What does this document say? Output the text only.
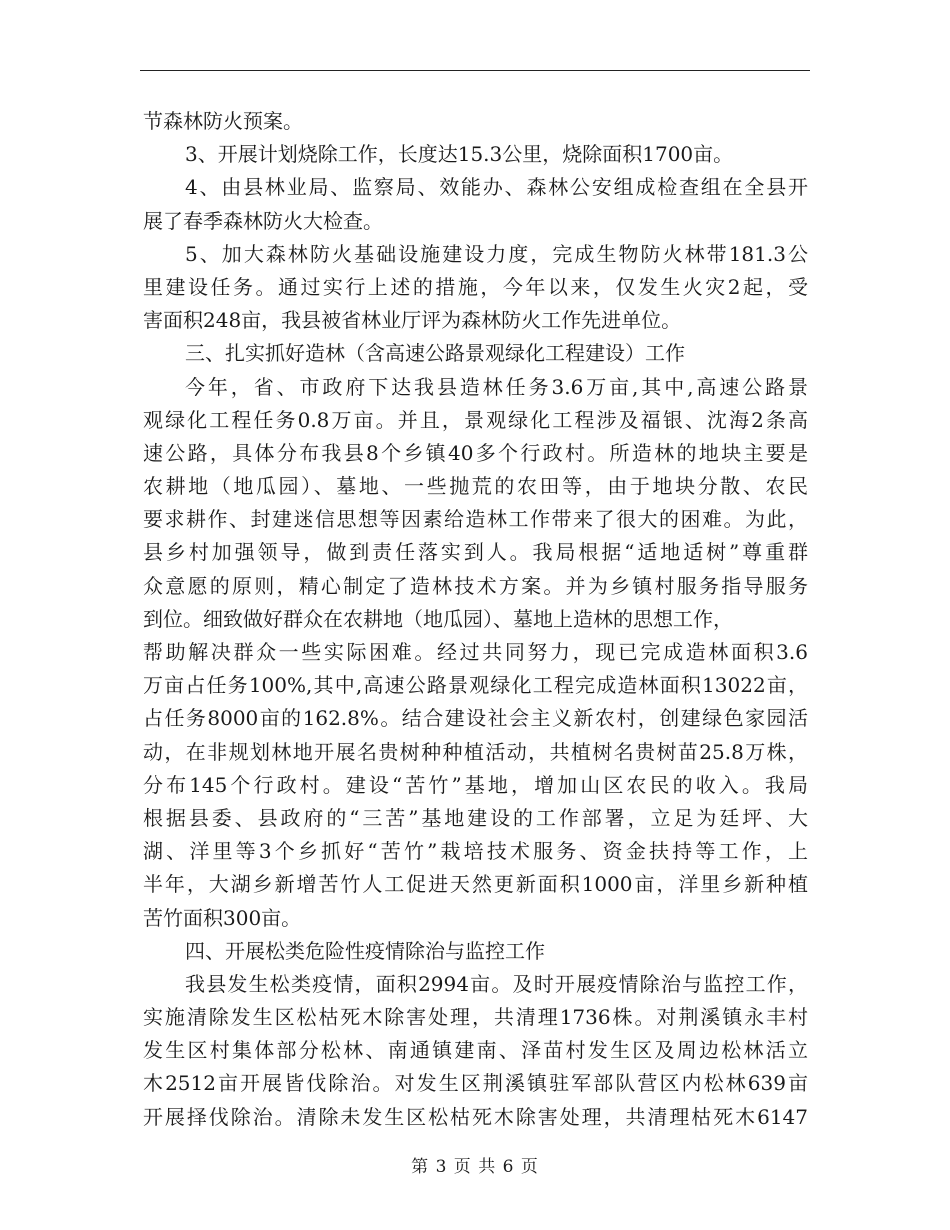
节森林防火预案。
3、开展计划烧除工作，长度达15.3公里，烧除面积1700亩。
4、由县林业局、监察局、效能办、森林公安组成检查组在全县开
展了春季森林防火大检查。
5、加大森林防火基础设施建设力度，完成生物防火林带181.3公
里建设任务。通过实行上述的措施，今年以来，仅发生火灾2起，受
害面积248亩，我县被省林业厅评为森林防火工作先进单位。
三、扎实抓好造林（含高速公路景观绿化工程建设）工作
今年，省、市政府下达我县造林任务3.6万亩,其中,高速公路景
观绿化工程任务0.8万亩。并且，景观绿化工程涉及福银、沈海2条高
速公路，具体分布我县8个乡镇40多个行政村。所造林的地块主要是
农耕地（地瓜园）、墓地、一些抛荒的农田等，由于地块分散、农民
要求耕作、封建迷信思想等因素给造林工作带来了很大的困难。为此，
县乡村加强领导，做到责任落实到人。我局根据“适地适树”尊重群
众意愿的原则，精心制定了造林技术方案。并为乡镇村服务指导服务
到位。细致做好群众在农耕地（地瓜园）、墓地上造林的思想工作，
帮助解决群众一些实际困难。经过共同努力，现已完成造林面积3.6
万亩占任务100%,其中,高速公路景观绿化工程完成造林面积13022亩，
占任务8000亩的162.8%。结合建设社会主义新农村，创建绿色家园活
动，在非规划林地开展名贵树种种植活动，共植树名贵树苗25.8万株，
分布145个行政村。建设“苦竹”基地，增加山区农民的收入。我局
根据县委、县政府的“三苦”基地建设的工作部署，立足为廷坪、大
湖、洋里等3个乡抓好“苦竹”栽培技术服务、资金扶持等工作，上
半年，大湖乡新增苦竹人工促进天然更新面积1000亩，洋里乡新种植
苦竹面积300亩。
四、开展松类危险性疫情除治与监控工作
我县发生松类疫情，面积2994亩。及时开展疫情除治与监控工作，
实施清除发生区松枯死木除害处理，共清理1736株。对荆溪镇永丰村
发生区村集体部分松林、南通镇建南、泽苗村发生区及周边松林活立
木2512亩开展皆伐除治。对发生区荆溪镇驻军部队营区内松林639亩
开展择伐除治。清除未发生区松枯死木除害处理，共清理枯死木6147
第 3 页 共 6 页
